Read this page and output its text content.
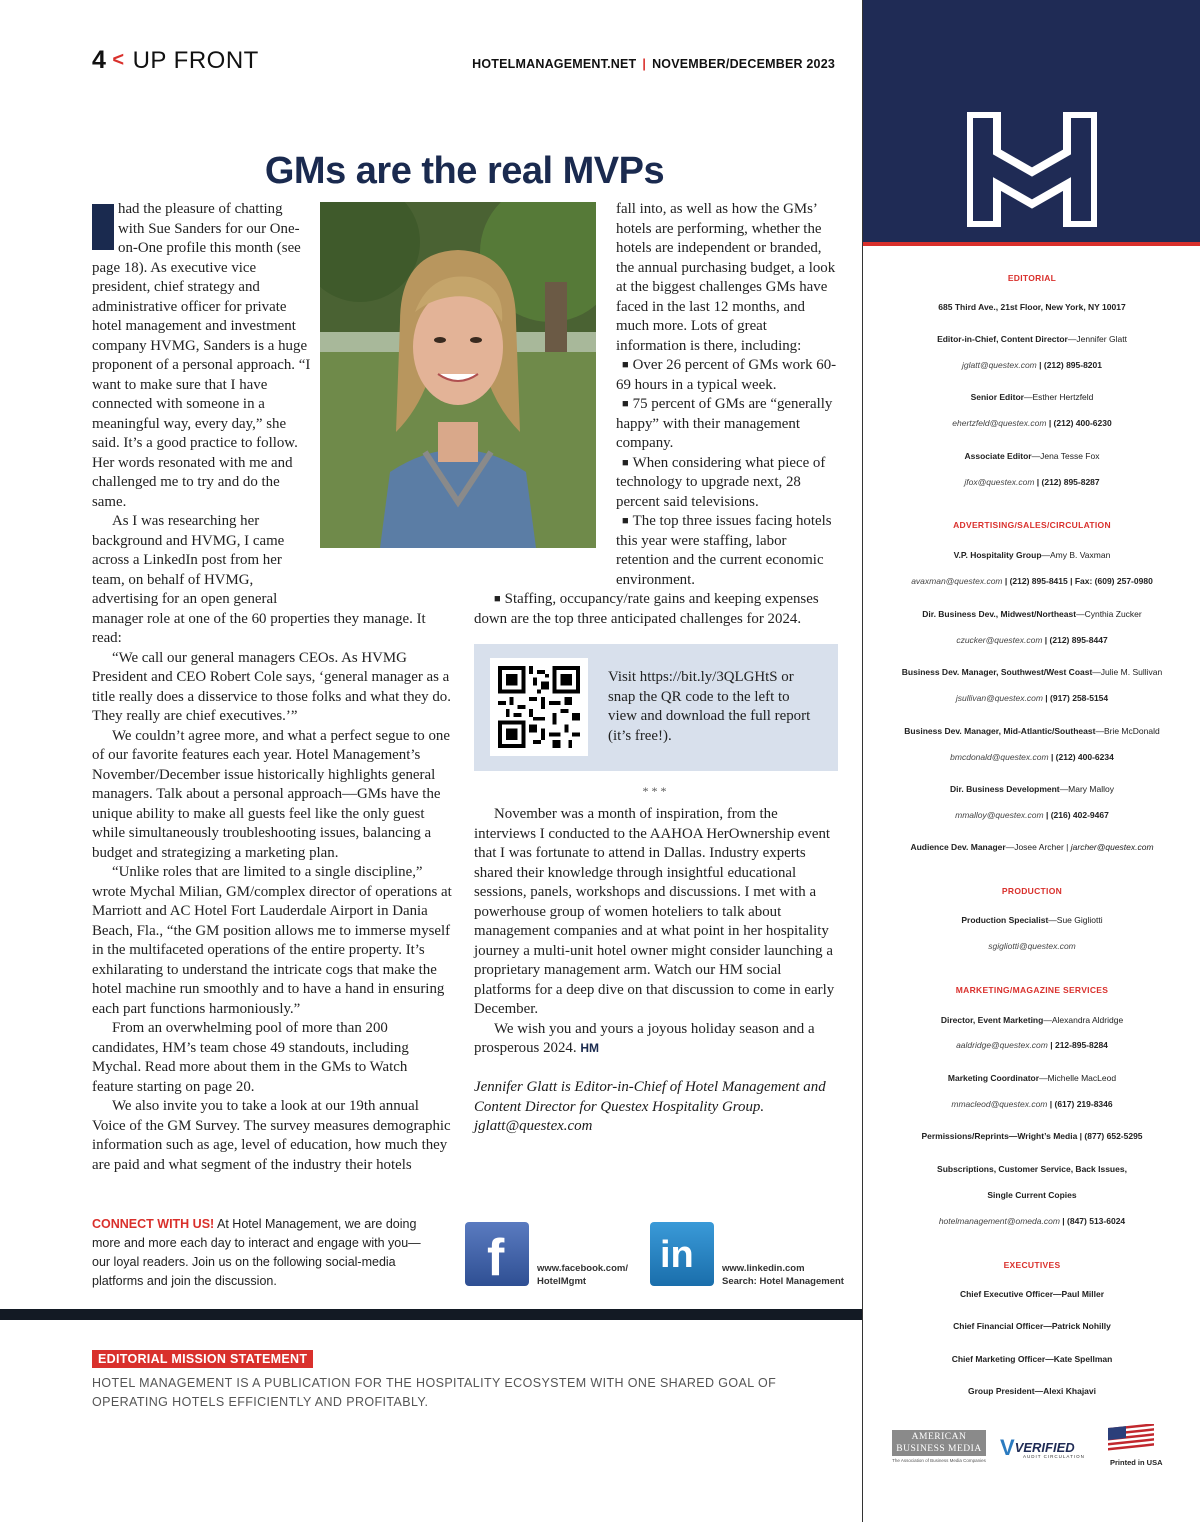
4 < UP FRONT	HOTELMANAGEMENT.NET | NOVEMBER/DECEMBER 2023
GMs are the real MVPs

I	had the pleasure of chatting with Sue Sanders for our One-on-One profile this month (see page 18). As executive vice president, chief strategy and administrative officer for private hotel management and investment company HVMG, Sanders is a huge proponent of a personal approach. “I want to make sure that I have connected with someone in a meaningful way, every day,” she said. It’s a good practice to follow. Her words resonated with me and challenged me to try and do the same.

As I was researching her background and HVMG, I came across a LinkedIn post from her team, on behalf of HVMG, advertising for an open general manager role at one of the 60 properties they manage. It read:

“We call our general managers CEOs. As HVMG President and CEO Robert Cole says, ‘general manager as a title really does a disservice to those folks and what they do. They really are chief executives.’”

We couldn’t agree more, and what a perfect segue to one of our favorite features each year. Hotel Management’s November/December issue historically highlights general managers. Talk about a personal approach—GMs have the unique ability to make all guests feel like the only guest while simultaneously troubleshooting issues, balancing a budget and strategizing a marketing plan.

“Unlike roles that are limited to a single discipline,” wrote Mychal Milian, GM/complex director of operations at Marriott and AC Hotel Fort Lauderdale Airport in Dania Beach, Fla., “the GM position allows me to immerse myself in the multifaceted operations of the entire property. It’s exhilarating to understand the intricate cogs that make the hotel machine run smoothly and to have a hand in ensuring each part functions harmoniously.”

From an overwhelming pool of more than 200 candidates, HM’s team chose 49 standouts, including Mychal. Read more about them in the GMs to Watch feature starting on page 20.

We also invite you to take a look at our 19th annual Voice of the GM Survey. The survey measures demographic information such as age, level of education, how much they are paid and what segment of the industry their hotels

fall into, as well as how the GMs’ hotels are performing, whether the hotels are independent or branded, the annual purchasing budget, a look at the biggest challenges GMs have faced in the last 12 months, and much more. Lots of great information is there, including:

■ Over 26 percent of GMs work 60-69 hours in a typical week.

■ 75 percent of GMs are “generally happy” with their management company.

■ When considering what piece of technology to upgrade next, 28 percent said televisions.

■ The top three issues facing hotels this year were staffing, labor retention and the current economic environment.

■ Staffing, occupancy/rate gains and keeping expenses down are the top three anticipated challenges for 2024.

Visit https://bit.ly/3QLGHtS or snap the QR code to the left to view and download the full report (it’s free!).
***

November was a month of inspiration, from the interviews I conducted to the AAHOA HerOwnership event that I was fortunate to attend in Dallas. Industry experts shared their knowledge through insightful educational sessions, panels, workshops and discussions. I met with a powerhouse group of women hoteliers to talk about management companies and at what point in her hospitality journey a multi-unit hotel owner might consider launching a proprietary management arm. Watch our HM social platforms for a deep dive on that discussion to come in early December.

We wish you and yours a joyous holiday season and a prosperous 2024. HM

Jennifer Glatt is Editor-in-Chief of Hotel Management and Content Director for Questex Hospitality Group. jglatt@questex.com
CONNECT WITH US! At Hotel Management, we are doing more and more each day to interact and engage with you—our loyal readers. Join us on the following social-media platforms and join the discussion.	f	www.facebook.com/
HotelMgmt
in	www.linkedin.com
Search: Hotel Management
EDITORIAL MISSION STATEMENT
HOTEL MANAGEMENT IS A PUBLICATION FOR THE HOSPITALITY ECOSYSTEM WITH ONE SHARED GOAL OF OPERATING HOTELS EFFICIENTLY AND PROFITABLY.
EDITORIAL
685 Third Ave., 21st Floor, New York, NY 10017
Editor-in-Chief, Content Director—Jennifer Glatt
jglatt@questex.com | (212) 895-8201
Senior Editor—Esther Hertzfeld
ehertzfeld@questex.com | (212) 400-6230
Associate Editor—Jena Tesse Fox
jfox@questex.com | (212) 895-8287
ADVERTISING/SALES/CIRCULATION
V.P. Hospitality Group—Amy B. Vaxman
avaxman@questex.com | (212) 895-8415 | Fax: (609) 257-0980
Dir. Business Dev., Midwest/Northeast—Cynthia Zucker
czucker@questex.com | (212) 895-8447
Business Dev. Manager, Southwest/West Coast—Julie M. Sullivan
jsullivan@questex.com | (917) 258-5154
Business Dev. Manager, Mid-Atlantic/Southeast—Brie McDonald
bmcdonald@questex.com | (212) 400-6234
Dir. Business Development—Mary Malloy
mmalloy@questex.com | (216) 402-9467
Audience Dev. Manager—Josee Archer | jarcher@questex.com
PRODUCTION
Production Specialist—Sue Gigliotti
sgigliotti@questex.com
MARKETING/MAGAZINE SERVICES
Director, Event Marketing—Alexandra Aldridge
aaldridge@questex.com | 212-895-8284
Marketing Coordinator—Michelle MacLeod
mmacleod@questex.com | (617) 219-8346
Permissions/Reprints—Wright’s Media | (877) 652-5295
Subscriptions, Customer Service, Back Issues,
Single Current Copies
hotelmanagement@omeda.com | (847) 513-6024
EXECUTIVES
Chief Executive Officer—Paul Miller
Chief Financial Officer—Patrick Nohilly
Chief Marketing Officer—Kate Spellman
Group President—Alexi Khajavi
AMERICAN
BUSINESS MEDIA
The Association of Business Media Companies
VVERIFIED
AUDIT CIRCULATION
Printed in USA
